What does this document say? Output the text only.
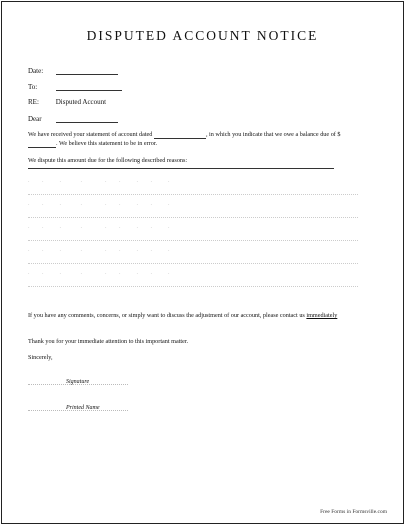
DISPUTED ACCOUNT NOTICE
Date:
To:
RE: Disputed Account
Dear
We have received your statement of account dated	, in which you indicate that we owe a balance due of $ . We believe this statement to be in error.
We dispute this amount due for the following described reasons:
.   .    .     .      .   .    .   .    .
.   .    .     .      .   .    .   .    .
.   .    .     .      .   .    .   .    .
.   .    .     .      .   .    .   .    .
.   .    .     .      .   .    .   .    .
If you have any comments, concerns, or simply want to discuss the adjustment of our account, please contact us immediately
Thank you for your immediate attention to this important matter.
Sincerely,
Signature
Printed Name
Free Forms in Formsville.com
